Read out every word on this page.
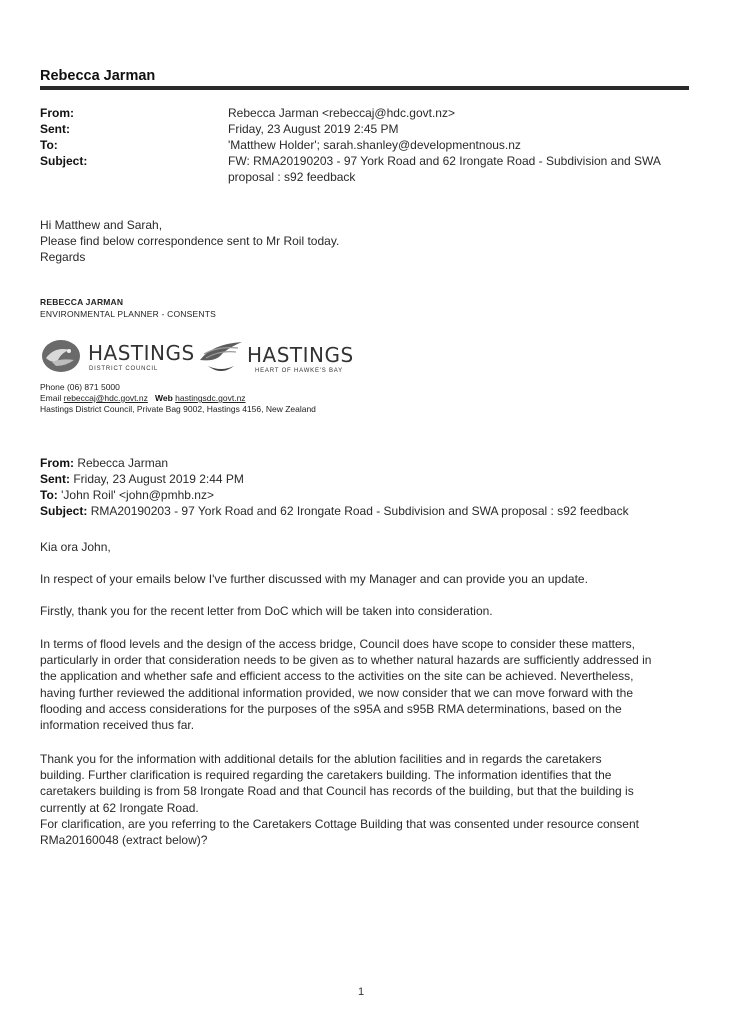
Rebecca Jarman
From:	Rebecca Jarman <rebeccaj@hdc.govt.nz>
Sent:	Friday, 23 August 2019 2:45 PM
To:	'Matthew Holder'; sarah.shanley@developmentnous.nz
Subject:	FW: RMA20190203 - 97 York Road and 62 Irongate Road - Subdivision and SWA
proposal : s92 feedback
Hi Matthew and Sarah,
Please find below correspondence sent to Mr Roil today.
Regards
REBECCA JARMAN
ENVIRONMENTAL PLANNER - CONSENTS
HASTINGS
DISTRICT COUNCIL
HASTINGS
HEART OF HAWKE'S BAY
Phone (06) 871 5000
Email rebeccaj@hdc.govt.nz Web hastingsdc.govt.nz
Hastings District Council, Private Bag 9002, Hastings 4156, New Zealand
From: Rebecca Jarman
Sent: Friday, 23 August 2019 2:44 PM
To: 'John Roil' <john@pmhb.nz>
Subject: RMA20190203 - 97 York Road and 62 Irongate Road - Subdivision and SWA proposal : s92 feedback
Kia ora John,
In respect of your emails below I've further discussed with my Manager and can provide you an update.
Firstly, thank you for the recent letter from DoC which will be taken into consideration.
In terms of flood levels and the design of the access bridge, Council does have scope to consider these matters,
particularly in order that consideration needs to be given as to whether natural hazards are sufficiently addressed in
the application and whether safe and efficient access to the activities on the site can be achieved. Nevertheless,
having further reviewed the additional information provided, we now consider that we can move forward with the
flooding and access considerations for the purposes of the s95A and s95B RMA determinations, based on the
information received thus far.
Thank you for the information with additional details for the ablution facilities and in regards the caretakers
building. Further clarification is required regarding the caretakers building. The information identifies that the
caretakers building is from 58 Irongate Road and that Council has records of the building, but that the building is
currently at 62 Irongate Road.
For clarification, are you referring to the Caretakers Cottage Building that was consented under resource consent
RMa20160048 (extract below)?
1
